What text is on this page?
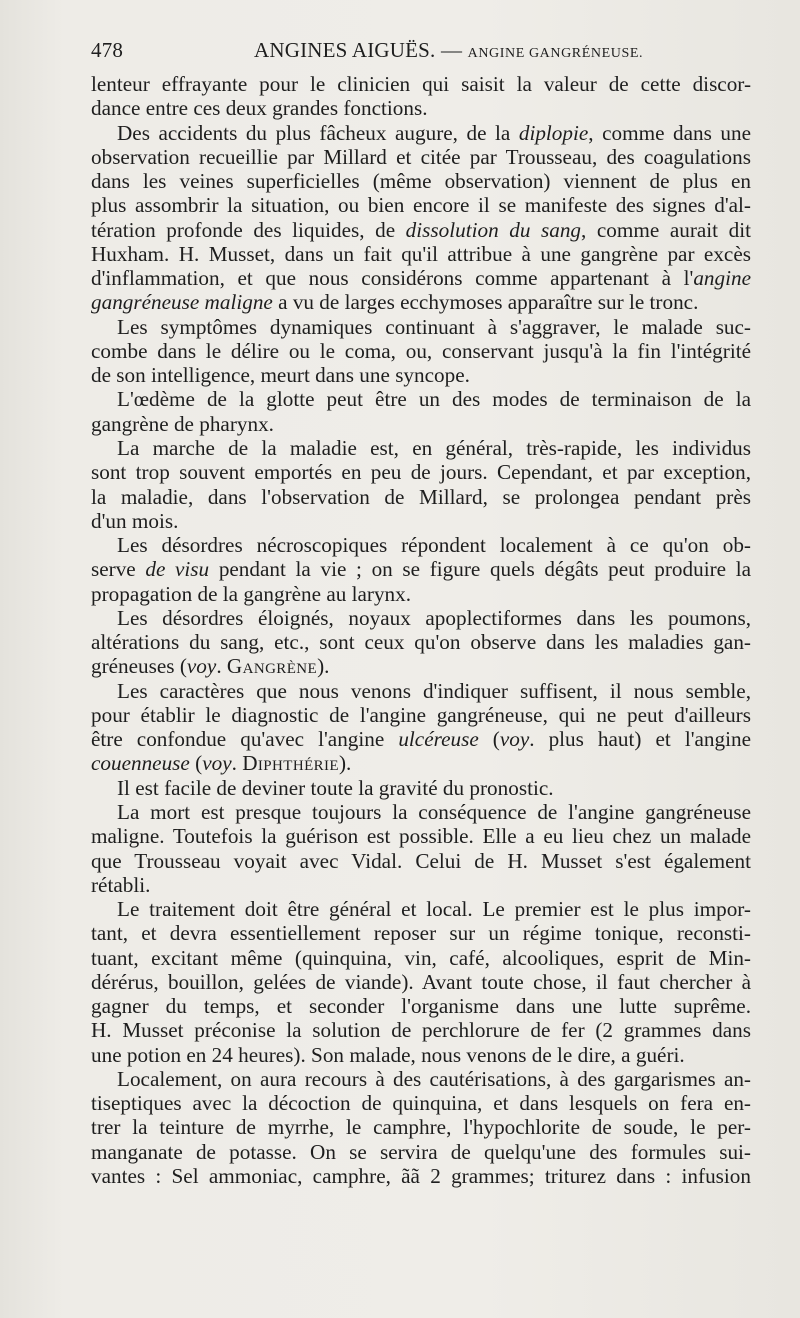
478	ANGINES AIGUËS. — ANGINE GANGRÉNEUSE.
lenteur effrayante pour le clinicien qui saisit la valeur de cette discor-
dance entre ces deux grandes fonctions.
Des accidents du plus fâcheux augure, de la diplopie, comme dans une
observation recueillie par Millard et citée par Trousseau, des coagulations
dans les veines superficielles (même observation) viennent de plus en
plus assombrir la situation, ou bien encore il se manifeste des signes d'al-
tération profonde des liquides, de dissolution du sang, comme aurait dit
Huxham. H. Musset, dans un fait qu'il attribue à une gangrène par excès
d'inflammation, et que nous considérons comme appartenant à l'angine
gangréneuse maligne a vu de larges ecchymoses apparaître sur le tronc.
Les symptômes dynamiques continuant à s'aggraver, le malade suc-
combe dans le délire ou le coma, ou, conservant jusqu'à la fin l'intégrité
de son intelligence, meurt dans une syncope.
L'œdème de la glotte peut être un des modes de terminaison de la
gangrène de pharynx.
La marche de la maladie est, en général, très-rapide, les individus
sont trop souvent emportés en peu de jours. Cependant, et par exception,
la maladie, dans l'observation de Millard, se prolongea pendant près
d'un mois.
Les désordres nécroscopiques répondent localement à ce qu'on ob-
serve de visu pendant la vie ; on se figure quels dégâts peut produire la
propagation de la gangrène au larynx.
Les désordres éloignés, noyaux apoplectiformes dans les poumons,
altérations du sang, etc., sont ceux qu'on observe dans les maladies gan-
gréneuses (voy. GANGRÈNE).
Les caractères que nous venons d'indiquer suffisent, il nous semble,
pour établir le diagnostic de l'angine gangréneuse, qui ne peut d'ailleurs
être confondue qu'avec l'angine ulcéreuse (voy. plus haut) et l'angine
couenneuse (voy. DIPHTHÉRIE).
Il est facile de deviner toute la gravité du pronostic.
La mort est presque toujours la conséquence de l'angine gangréneuse
maligne. Toutefois la guérison est possible. Elle a eu lieu chez un malade
que Trousseau voyait avec Vidal. Celui de H. Musset s'est également
rétabli.
Le traitement doit être général et local. Le premier est le plus impor-
tant, et devra essentiellement reposer sur un régime tonique, reconsti-
tuant, excitant même (quinquina, vin, café, alcooliques, esprit de Min-
dérérus, bouillon, gelées de viande). Avant toute chose, il faut chercher à
gagner du temps, et seconder l'organisme dans une lutte suprême.
H. Musset préconise la solution de perchlorure de fer (2 grammes dans
une potion en 24 heures). Son malade, nous venons de le dire, a guéri.
Localement, on aura recours à des cautérisations, à des gargarismes an-
tiseptiques avec la décoction de quinquina, et dans lesquels on fera en-
trer la teinture de myrrhe, le camphre, l'hypochlorite de soude, le per-
manganate de potasse. On se servira de quelqu'une des formules sui-
vantes : Sel ammoniac, camphre, ãã 2 grammes; triturez dans : infusion
